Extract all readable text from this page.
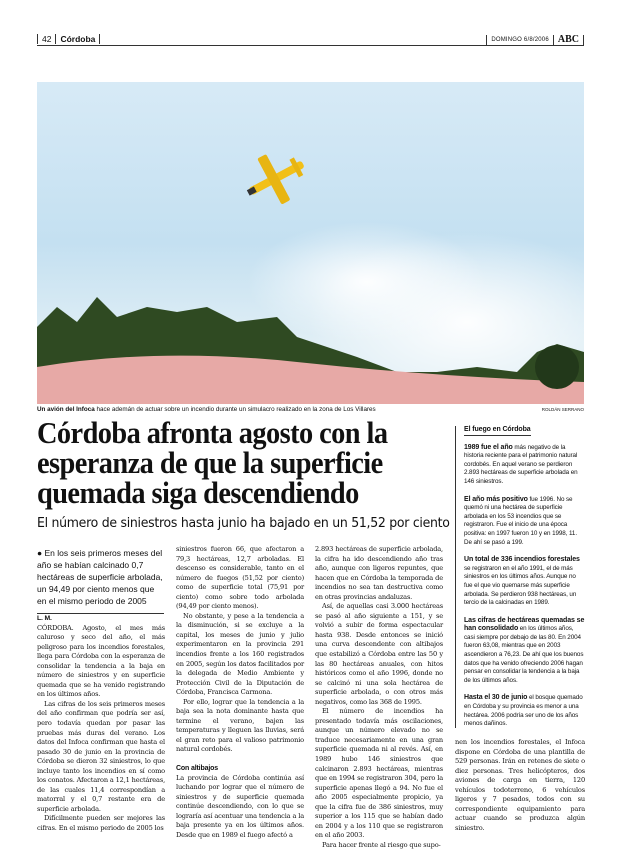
42 Córdoba	DOMINGO 6/8/2006 ABC
Un avión del Infoca hace ademán de actuar sobre un incendio durante un simulacro realizado en la zona de Los Villares	ROLDÁN SERRANO
Córdoba afronta agosto con la esperanza de que la superficie quemada siga descendiendo
El número de siniestros hasta junio ha bajado en un 51,52 por ciento
● En los seis primeros meses del año se habían calcinado 0,7 hectáreas de superficie arbolada, un 94,49 por ciento menos que en el mismo periodo de 2005
L. M.

CÓRDOBA. Agosto, el mes más caluroso y seco del año, el más peligroso para los incendios forestales, llega para Córdoba con la esperanza de consolidar la tendencia a la baja en número de siniestros y en superficie quemada que se ha venido registrando en los últimos años.

Las cifras de los seis primeros meses del año confirman que podría ser así, pero todavía quedan por pasar las pruebas más duras del verano. Los datos del Infoca confirman que hasta el pasado 30 de junio en la provincia de Córdoba se dieron 32 siniestros, lo que incluye tanto los incendios en sí como los conatos. Afectaron a 12,1 hectáreas, de las cuales 11,4 correspondían a matorral y el 0,7 restante era de superficie arbolada.

Difícilmente pueden ser mejores las cifras. En el mismo periodo de 2005 los

siniestros fueron 66, que afectaron a 79,3 hectáreas, 12,7 arboladas. El descenso es considerable, tanto en el número de fuegos (51,52 por ciento) como de superficie total (75,91 por ciento) como sobre todo arbolada (94,49 por ciento menos).

No obstante, y pese a la tendencia a la disminución, si se excluye a la capital, los meses de junio y julio experimentaron en la provincia 291 incendios frente a los 160 registrados en 2005, según los datos facilitados por la delegada de Medio Ambiente y Protección Civil de la Diputación de Córdoba, Francisca Carmona.

Por ello, lograr que la tendencia a la baja sea la nota dominante hasta que termine el verano, bajen las temperaturas y lleguen las lluvias, será el gran reto para el valioso patrimonio natural cordobés.

Con altibajos

La provincia de Córdoba continúa así luchando por lograr que el número de siniestros y de superficie quemada continúe descendiendo, con lo que se lograría así acentuar una tendencia a la baja presente ya en los últimos años. Desde que en 1989 el fuego afectó a

2.893 hectáreas de superficie arbolada, la cifra ha ido descendiendo año tras año, aunque con ligeros repuntes, que hacen que en Córdoba la temporada de incendios no sea tan destructiva como en otras provincias andaluzas.

Así, de aquellas casi 3.000 hectáreas se pasó al año siguiente a 151, y se volvió a subir de forma espectacular hasta 938. Desde entonces se inició una curva descendente con altibajos que estabilizó a Córdoba entre las 50 y las 80 hectáreas anuales, con hitos históricos como el año 1996, donde no se calcinó ni una sola hectárea de superficie arbolada, o con otros más negativos, como las 368 de 1995.

El número de incendios ha presentado todavía más oscilaciones, aunque un número elevado no se traduce necesariamente en una gran superficie quemada ni al revés. Así, en 1989 hubo 146 siniestros que calcinaron 2.893 hectáreas, mientras que en 1994 se registraron 304, pero la superficie apenas llegó a 94. No fue el año 2005 especialmente propicio, ya que la cifra fue de 386 siniestros, muy superior a los 115 que se habían dado en 2004 y a los 110 que se registraron en el año 2003.

Para hacer frente al riesgo que supo-

El fuego en Córdoba

1989 fue el año más negativo de la historia reciente para el patrimonio natural cordobés. En aquel verano se perdieron 2.893 hectáreas de superficie arbolada en 146 siniestros.

El año más positivo fue 1996. No se quemó ni una hectárea de superficie arbolada en los 53 incendios que se registraron. Fue el inicio de una época positiva: en 1997 fueron 10 y en 1998, 11. De ahí se pasó a 199.

Un total de 336 incendios forestales se registraron en el año 1991, el de más siniestros en los últimos años. Aunque no fue el que vio quemarse más superficie arbolada. Se perdieron 938 hectáreas, un tercio de la calcinadas en 1989.

Las cifras de hectáreas quemadas se han consolidado en los últimos años, casi siempre por debajo de las 80. En 2004 fueron 63,08, mientras que en 2003 ascendieron a 76,23. De ahí que los buenos datos que ha venido ofreciendo 2006 hagan pensar en consolidar la tendencia a la baja de los últimos años.

Hasta el 30 de junio el bosque quemado en Córdoba y su provincia es menor a una hectárea. 2006 podría ser uno de los años menos dañinos.

nen los incendios forestales, el Infoca dispone en Córdoba de una plantilla de 529 personas. Irán en retenes de siete o diez personas. Tres helicópteros, dos aviones de carga en tierra, 120 vehículos todoterreno, 6 vehículos ligeros y 7 pesados, todos con su correspondiente equipamiento para actuar cuando se produzca algún siniestro.
